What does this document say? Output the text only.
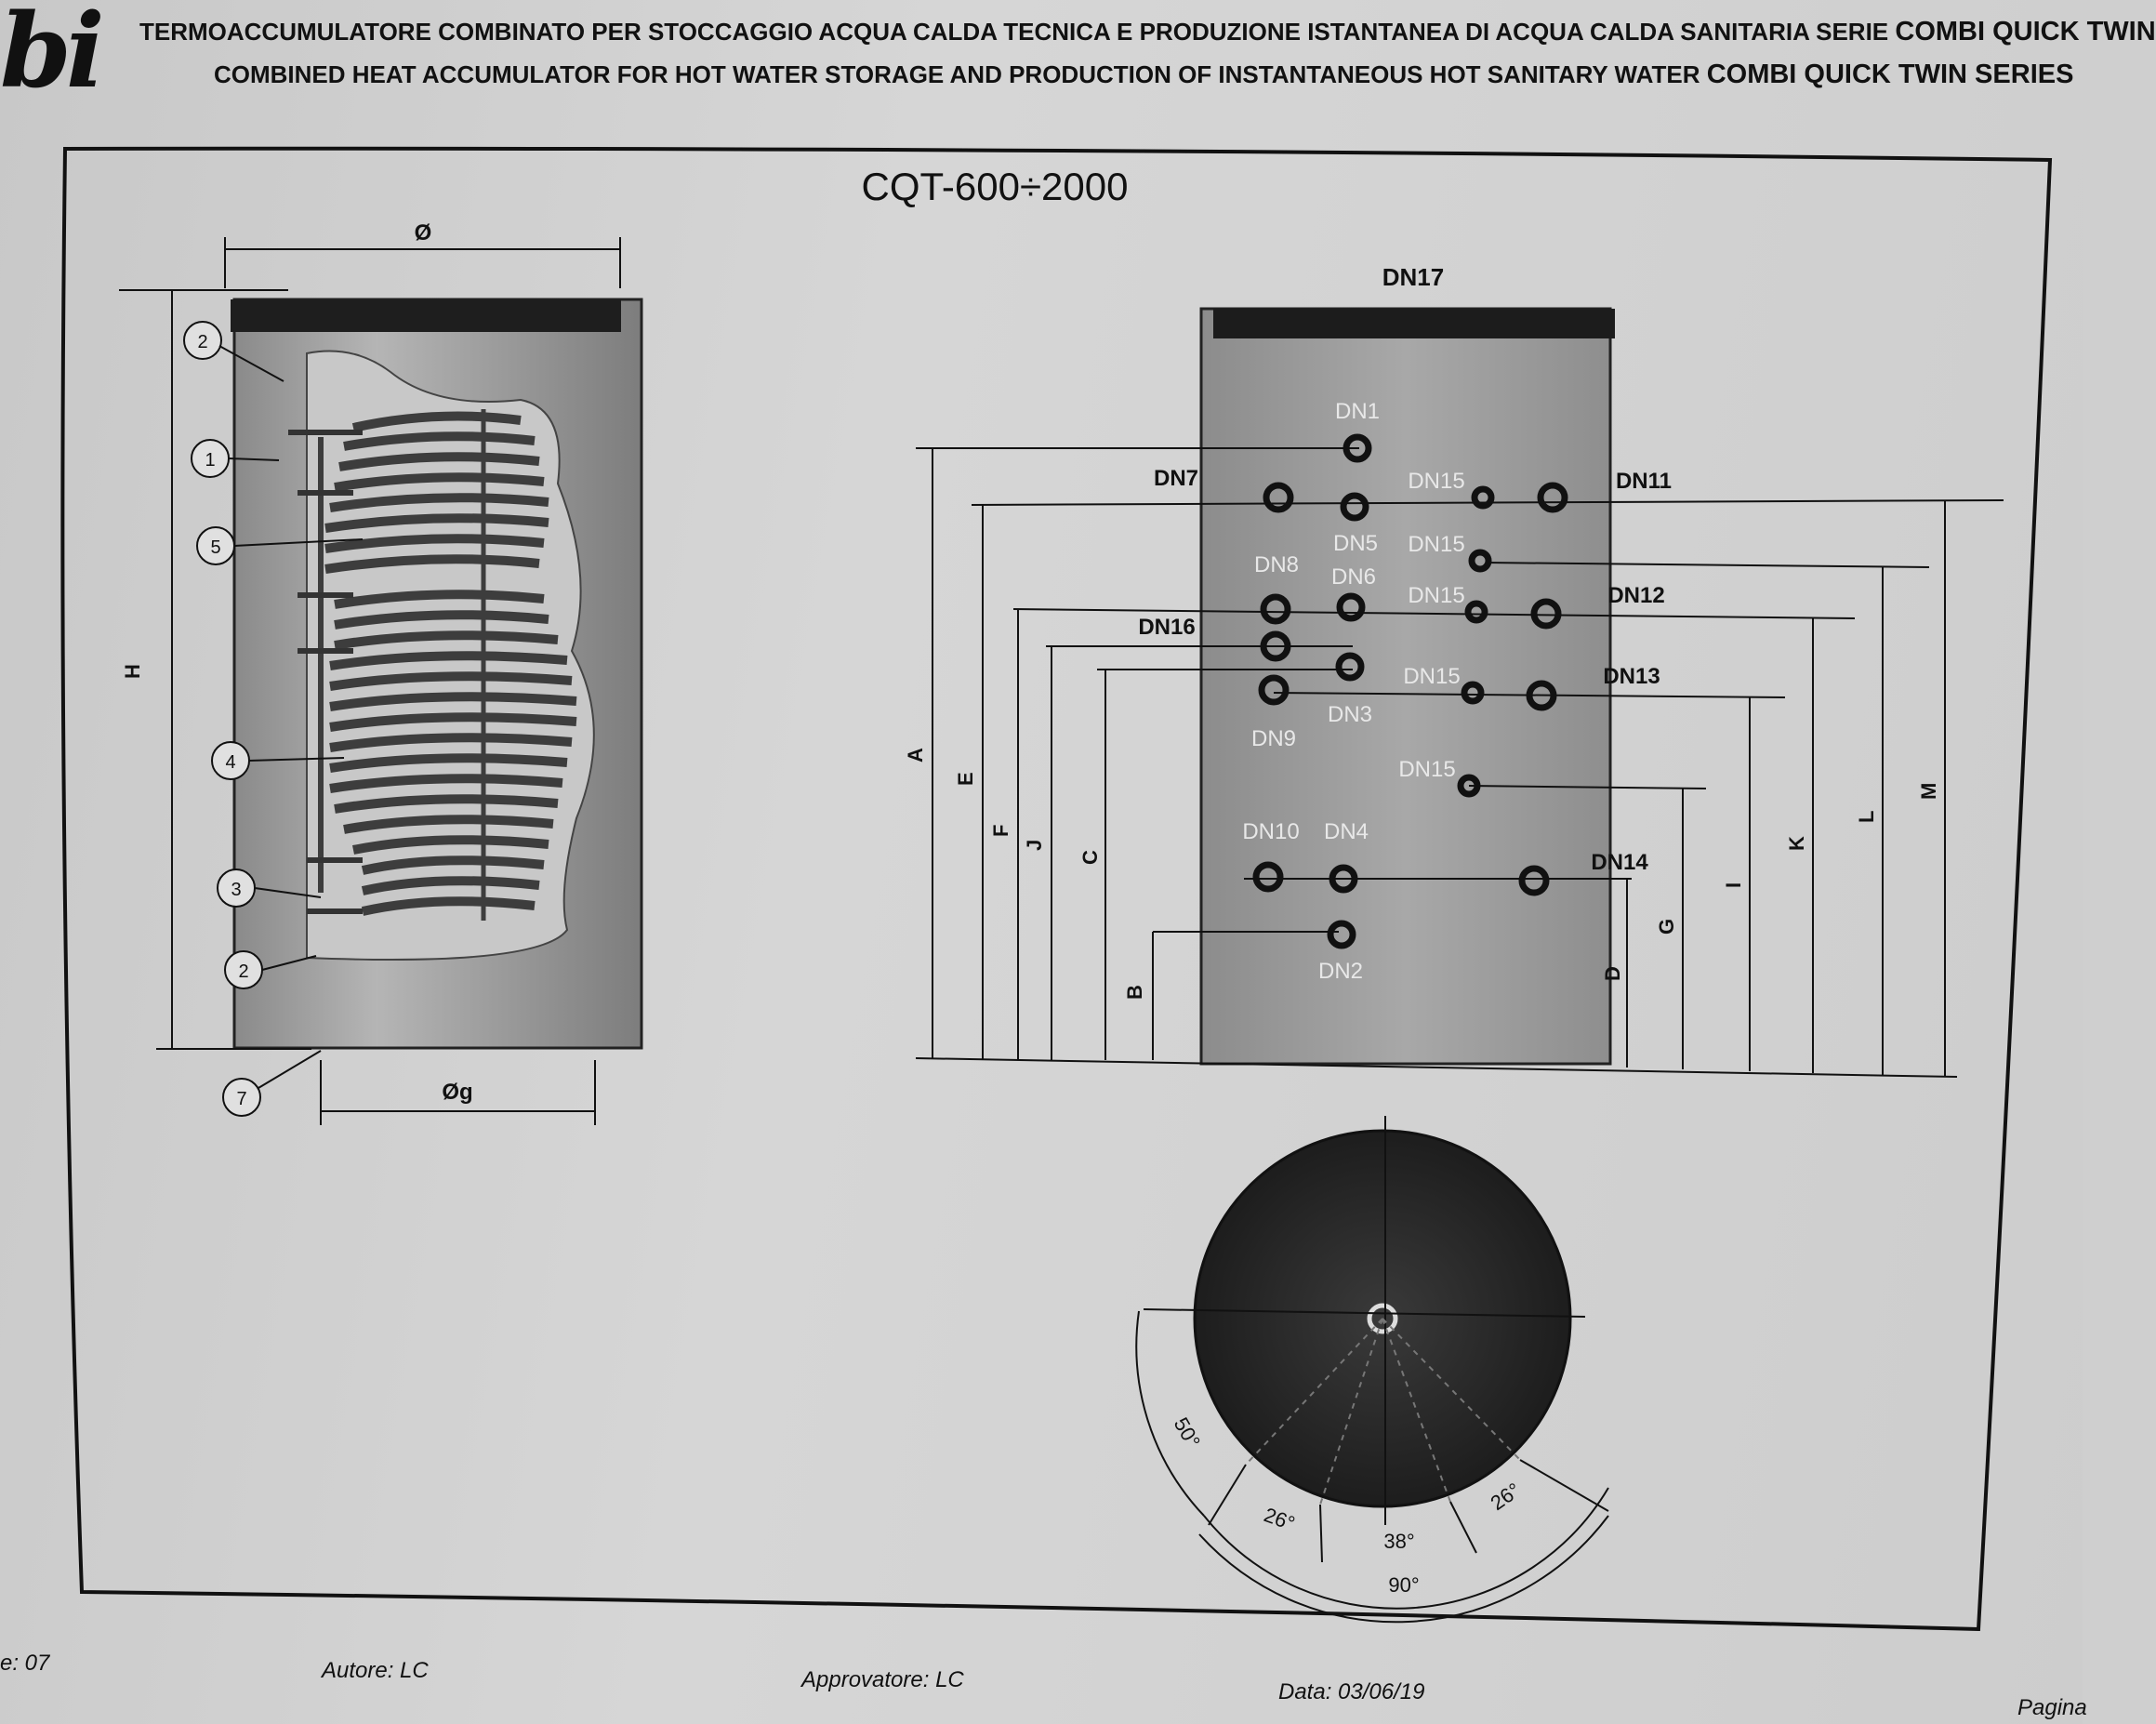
bi	TERMOACCUMULATORE COMBINATO PER STOCCAGGIO ACQUA CALDA TECNICA E PRODUZIONE ISTANTANEA DI ACQUA CALDA SANITARIA SERIE COMBI QUICK TWIN
COMBINED HEAT ACCUMULATOR FOR HOT WATER STORAGE AND PRODUCTION OF INSTANTANEOUS HOT SANITARY WATER COMBI QUICK TWIN SERIES
CQT-600÷2000
Ø
H
Øg
2
1
5
4
3
2
7
DN17
A
B
C
D
E
F
G
I
J	K
L
M
DN1
DN7	DN15	DN11
DN5 DN15
DN8 DN6
DN15	DN12
DN16
DN15	DN13
DN3
DN9
DN15
DN10 DN4
DN14
DN2
50°
26°
38°
26°
90°
e: 07	Autore: LC	Approvatore: LC	Data: 03/06/19
Pagina
